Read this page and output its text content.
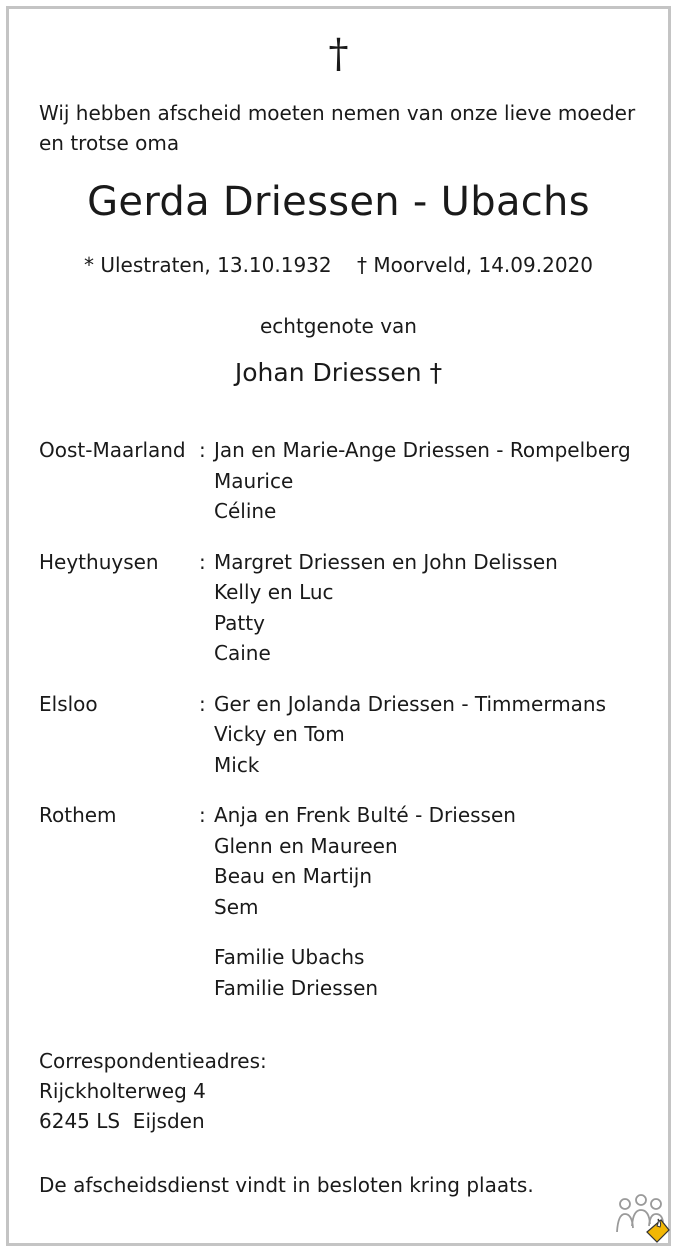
†
Wij hebben afscheid moeten nemen van onze lieve moeder
en trotse oma
Gerda Driessen - Ubachs
* Ulestraten, 13.10.1932    † Moorveld, 14.09.2020
echtgenote van
Johan Driessen †
Oost-Maarland : Jan en Marie-Ange Driessen - Rompelberg
Maurice
Céline
Heythuysen	: Margret Driessen en John Delissen
Kelly en Luc
Patty
Caine
Elsloo	: Ger en Jolanda Driessen - Timmermans
Vicky en Tom
Mick
Rothem	: Anja en Frenk Bulté - Driessen
Glenn en Maureen
Beau en Martijn
Sem
Familie Ubachs
Familie Driessen
Correspondentieadres:
Rijckholterweg 4
6245 LS  Eijsden
De afscheidsdienst vindt in besloten kring plaats.
